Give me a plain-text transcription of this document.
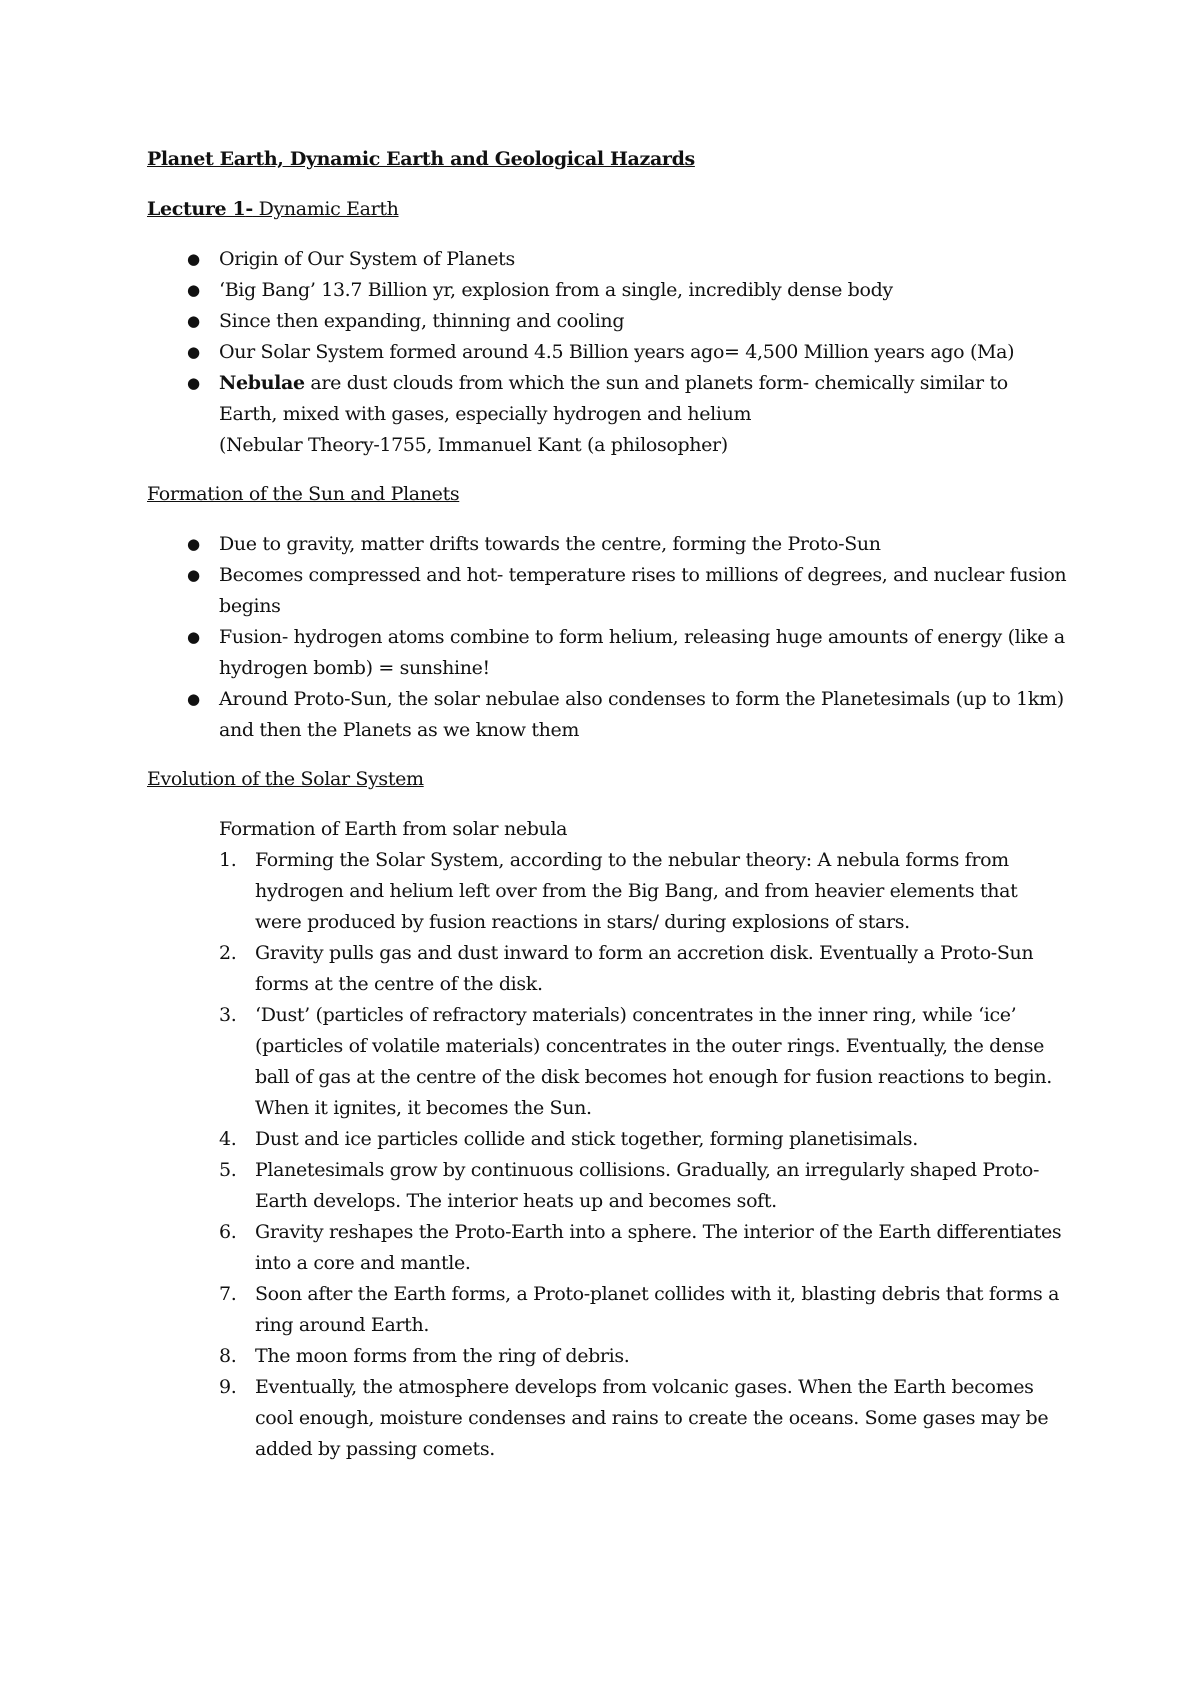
Planet Earth, Dynamic Earth and Geological Hazards
Lecture 1- Dynamic Earth
● Origin of Our System of Planets
● ‘Big Bang’ 13.7 Billion yr, explosion from a single, incredibly dense body
● Since then expanding, thinning and cooling
● Our Solar System formed around 4.5 Billion years ago= 4,500 Million years ago (Ma)
● Nebulae are dust clouds from which the sun and planets form- chemically similar to Earth, mixed with gases, especially hydrogen and helium
(Nebular Theory-1755, Immanuel Kant (a philosopher)
Formation of the Sun and Planets
● Due to gravity, matter drifts towards the centre, forming the Proto-Sun
● Becomes compressed and hot- temperature rises to millions of degrees, and nuclear fusion begins
● Fusion- hydrogen atoms combine to form helium, releasing huge amounts of energy (like a hydrogen bomb) = sunshine!
● Around Proto-Sun, the solar nebulae also condenses to form the Planetesimals (up to 1km) and then the Planets as we know them
Evolution of the Solar System
Formation of Earth from solar nebula
1. Forming the Solar System, according to the nebular theory: A nebula forms from hydrogen and helium left over from the Big Bang, and from heavier elements that were produced by fusion reactions in stars/ during explosions of stars.
2. Gravity pulls gas and dust inward to form an accretion disk. Eventually a Proto-Sun forms at the centre of the disk.
3. ‘Dust’ (particles of refractory materials) concentrates in the inner ring, while ‘ice’ (particles of volatile materials) concentrates in the outer rings. Eventually, the dense ball of gas at the centre of the disk becomes hot enough for fusion reactions to begin. When it ignites, it becomes the Sun.
4. Dust and ice particles collide and stick together, forming planetisimals.
5. Planetesimals grow by continuous collisions. Gradually, an irregularly shaped Proto-Earth develops. The interior heats up and becomes soft.
6. Gravity reshapes the Proto-Earth into a sphere. The interior of the Earth differentiates into a core and mantle.
7. Soon after the Earth forms, a Proto-planet collides with it, blasting debris that forms a ring around Earth.
8. The moon forms from the ring of debris.
9. Eventually, the atmosphere develops from volcanic gases. When the Earth becomes cool enough, moisture condenses and rains to create the oceans. Some gases may be added by passing comets.
